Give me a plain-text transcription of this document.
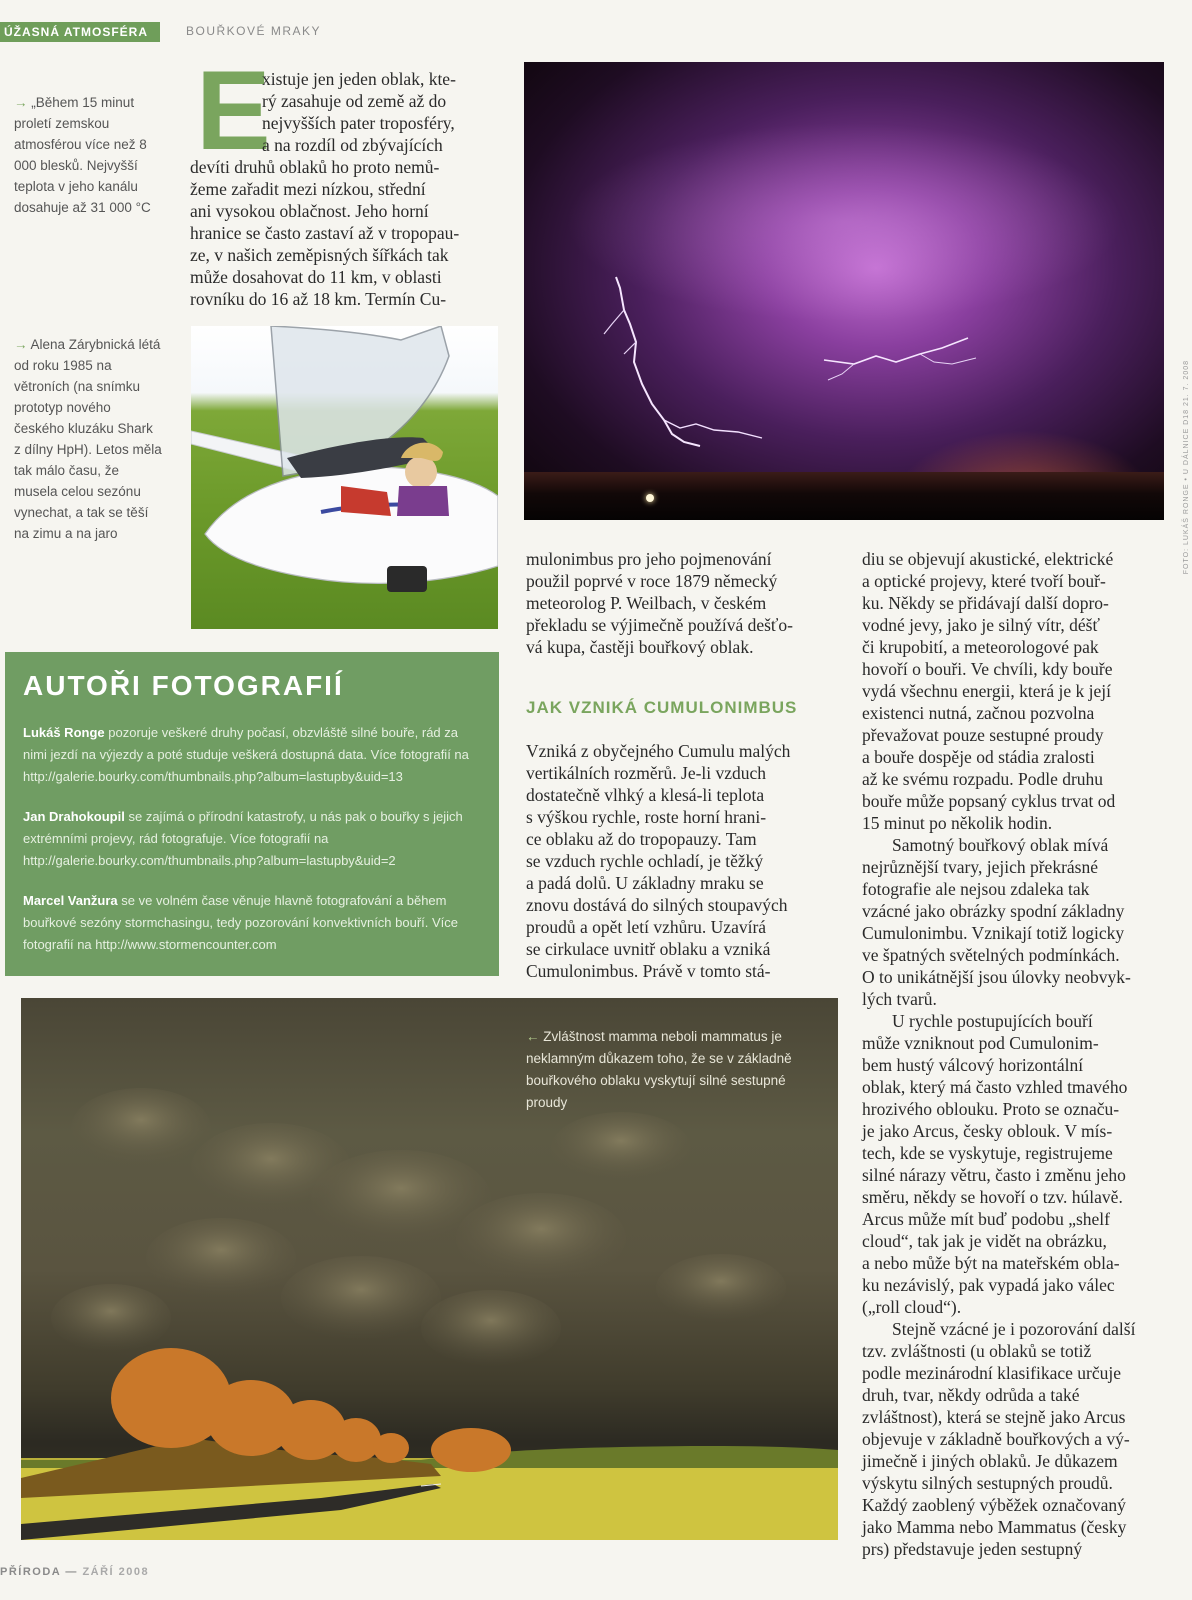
ÚŽASNÁ ATMOSFÉRA	BOUŘKOVÉ MRAKY
→ „Během 15 minut proletí zemskou atmosférou více než 8 000 blesků. Nejvyšší teplota v jeho kanálu dosahuje až 31 000 °C
→ Alena Zárybnická létá od roku 1985 na větroních (na snímku prototyp nového českého kluzáku Shark z dílny HpH). Letos měla tak málo času, že musela celou sezónu vynechat, a tak se těší na zimu a na jaro
E
xistuje jen jeden oblak, kte-
rý zasahuje od země až do
nejvyšších pater troposféry,
a na rozdíl od zbývajících
devíti druhů oblaků ho proto nemů-
žeme zařadit mezi nízkou, střední
ani vysokou oblačnost. Jeho horní
hranice se často zastaví až v tropopau-
ze, v našich zeměpisných šířkách tak
může dosahovat do 11 km, v oblasti
rovníku do 16 až 18 km. Termín Cu-
FOTO: LUKÁŠ RONGE • U DÁLNICE D18 21. 7. 2008
AUTOŘI FOTOGRAFIÍ
Lukáš Ronge pozoruje veškeré druhy počasí, obzvláště silné bouře, rád za nimi jezdí na výjezdy a poté studuje veškerá dostupná data. Více fotografií na http://galerie.bourky.com/thumbnails.php?album=lastupby&uid=13
Jan Drahokoupil se zajímá o přírodní katastrofy, u nás pak o bouřky s jejich extrémními projevy, rád fotografuje. Více fotografií na http://galerie.bourky.com/thumbnails.php?album=lastupby&uid=2
Marcel Vanžura se ve volném čase věnuje hlavně fotografování a během bouřkové sezóny stormchasingu, tedy pozorování konvektivních bouří. Více fotografií na http://www.stormencounter.com
mulonimbus pro jeho pojmenování
použil poprvé v roce 1879 německý
meteorolog P. Weilbach, v českém
překladu se výjimečně používá dešťo-
vá kupa, častěji bouřkový oblak.
JAK VZNIKÁ CUMULONIMBUS
Vzniká z obyčejného Cumulu malých
vertikálních rozměrů. Je-li vzduch
dostatečně vlhký a klesá-li teplota
s výškou rychle, roste horní hrani-
ce oblaku až do tropopauzy. Tam
se vzduch rychle ochladí, je těžký
a padá dolů. U základny mraku se
znovu dostává do silných stoupavých
proudů a opět letí vzhůru. Uzavírá
se cirkulace uvnitř oblaku a vzniká
Cumulonimbus. Právě v tomto stá-
diu se objevují akustické, elektrické
a optické projevy, které tvoří bouř-
ku. Někdy se přidávají další dopro-
vodné jevy, jako je silný vítr, déšť
či krupobití, a meteorologové pak
hovoří o bouři. Ve chvíli, kdy bouře
vydá všechnu energii, která je k její
existenci nutná, začnou pozvolna
převažovat pouze sestupné proudy
a bouře dospěje od stádia zralosti
až ke svému rozpadu. Podle druhu
bouře může popsaný cyklus trvat od
15 minut po několik hodin.
Samotný bouřkový oblak mívá
nejrůznější tvary, jejich překrásné
fotografie ale nejsou zdaleka tak
vzácné jako obrázky spodní základny
Cumulonimbu. Vznikají totiž logicky
ve špatných světelných podmínkách.
O to unikátnější jsou úlovky neobvyk-
lých tvarů.
U rychle postupujících bouří
může vzniknout pod Cumulonim-
bem hustý válcový horizontální
oblak, který má často vzhled tmavého
hrozivého oblouku. Proto se označu-
je jako Arcus, česky oblouk. V mís-
tech, kde se vyskytuje, registrujeme
silné nárazy větru, často i změnu jeho
směru, někdy se hovoří o tzv. húlavě.
Arcus může mít buď podobu „shelf
cloud“, tak jak je vidět na obrázku,
a nebo může být na mateřském obla-
ku nezávislý, pak vypadá jako válec
(„roll cloud“).
Stejně vzácné je i pozorování další
tzv. zvláštnosti (u oblaků se totiž
podle mezinárodní klasifikace určuje
druh, tvar, někdy odrůda a také
zvláštnost), která se stejně jako Arcus
objevuje v základně bouřkových a vý-
jimečně i jiných oblaků. Je důkazem
výskytu silných sestupných proudů.
Každý zaoblený výběžek označovaný
jako Mamma nebo Mammatus (česky
prs) představuje jeden sestupný
← Zvláštnost mamma neboli mammatus je neklamným důkazem toho, že se v základně bouřkového oblaku vyskytují silné sestupné proudy
PŘÍRODA — ZÁŘÍ 2008
